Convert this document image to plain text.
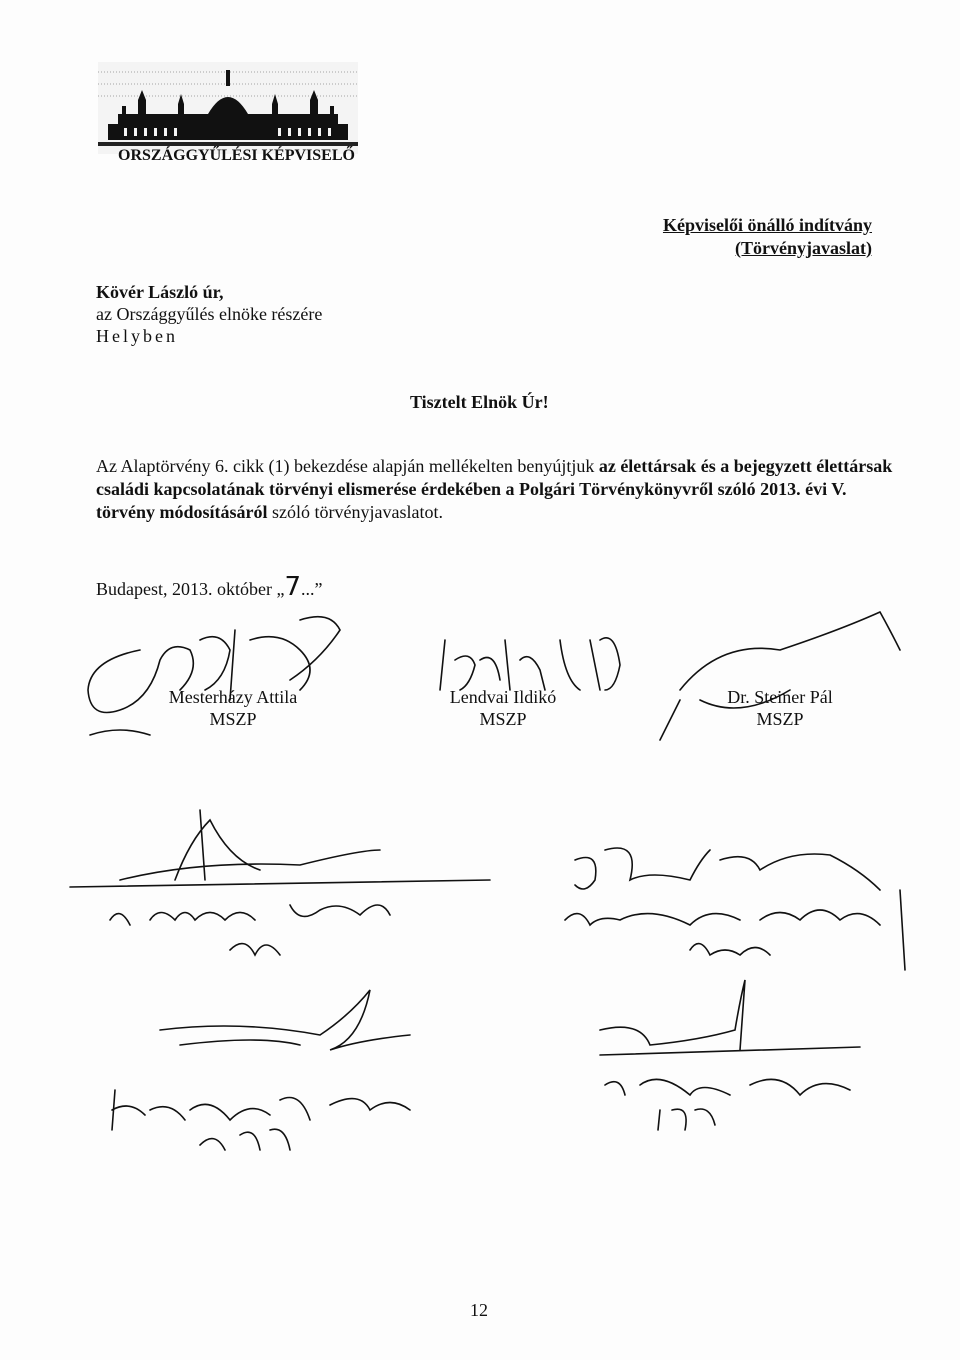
ORSZÁGGYŰLÉSI KÉPVISELŐ
Képviselői önálló indítvány
(Törvényjavaslat)
Kövér László úr,
az Országgyűlés elnöke részére
Helyben
Tisztelt Elnök Úr!
Az Alaptörvény 6. cikk (1) bekezdése alapján mellékelten benyújtjuk az élettársak és a bejegyzett élettársak családi kapcsolatának törvényi elismerése érdekében a Polgári Törvénykönyvről szóló 2013. évi V. törvény módosításáról szóló törvényjavaslatot.
Budapest, 2013. október „7...”
Mesterházy Attila
MSZP
Lendvai Ildikó
MSZP
Dr. Steiner Pál
MSZP
12
